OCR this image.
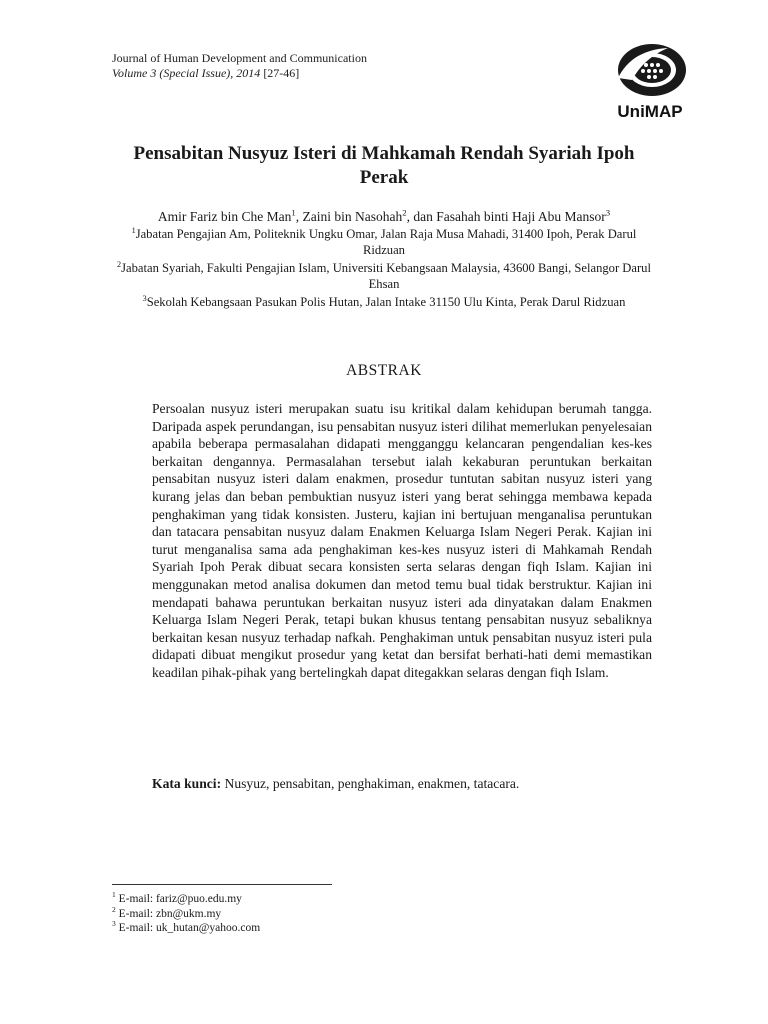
Journal of Human Development and Communication
Volume 3 (Special Issue), 2014 [27-46]
UniMAP
Pensabitan Nusyuz Isteri di Mahkamah Rendah Syariah Ipoh Perak
Amir Fariz bin Che Man$^1$, Zaini bin Nasohah$^2$, dan Fasahah binti Haji Abu Mansor$^3$

$^1$Jabatan Pengajian Am, Politeknik Ungku Omar, Jalan Raja Musa Mahadi, 31400 Ipoh, Perak Darul Ridzuan

$^2$Jabatan Syariah, Fakulti Pengajian Islam, Universiti Kebangsaan Malaysia, 43600 Bangi, Selangor Darul Ehsan

$^3$Sekolah Kebangsaan Pasukan Polis Hutan, Jalan Intake 31150 Ulu Kinta, Perak Darul Ridzuan

ABSTRAK

Persoalan nusyuz isteri merupakan suatu isu kritikal dalam kehidupan berumah tangga. Daripada aspek perundangan, isu pensabitan nusyuz isteri dilihat memerlukan penyelesaian apabila beberapa permasalahan didapati mengganggu kelancaran pengendalian kes-kes berkaitan dengannya. Permasalahan tersebut ialah kekaburan peruntukan berkaitan pensabitan nusyuz isteri dalam enakmen, prosedur tuntutan sabitan nusyuz isteri yang kurang jelas dan beban pembuktian nusyuz isteri yang berat sehingga membawa kepada penghakiman yang tidak konsisten. Justeru, kajian ini bertujuan menganalisa peruntukan dan tatacara pensabitan nusyuz dalam Enakmen Keluarga Islam Negeri Perak. Kajian ini turut menganalisa sama ada penghakiman kes-kes nusyuz isteri di Mahkamah Rendah Syariah Ipoh Perak dibuat secara konsisten serta selaras dengan fiqh Islam. Kajian ini menggunakan metod analisa dokumen dan metod temu bual tidak berstruktur. Kajian ini mendapati bahawa peruntukan berkaitan nusyuz isteri ada dinyatakan dalam Enakmen Keluarga Islam Negeri Perak, tetapi bukan khusus tentang pensabitan nusyuz sebaliknya berkaitan kesan nusyuz terhadap nafkah. Penghakiman untuk pensabitan nusyuz isteri pula didapati dibuat mengikut prosedur yang ketat dan bersifat berhati-hati demi memastikan keadilan pihak-pihak yang bertelingkah dapat ditegakkan selaras dengan fiqh Islam.

Kata kunci: Nusyuz, pensabitan, penghakiman, enakmen, tatacara.
$^1$ E-mail: fariz@puo.edu.my
$^2$ E-mail: zbn@ukm.my
$^3$ E-mail: uk_hutan@yahoo.com
